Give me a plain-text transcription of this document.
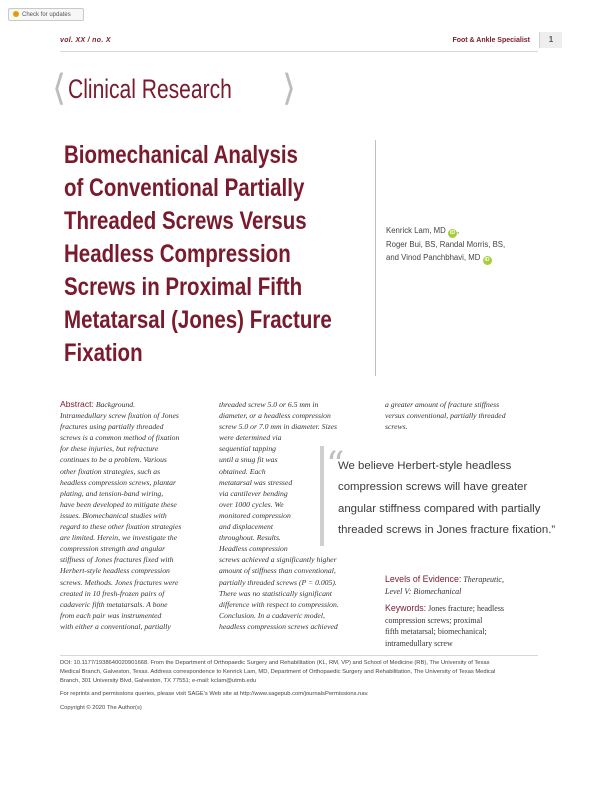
Check for updates
vol. XX / no. X	Foot & Ankle Specialist	1
⟨ Clinical Research ⟩
Biomechanical Analysis
of Conventional Partially
Threaded Screws Versus
Headless Compression
Screws in Proximal Fifth
Metatarsal (Jones) Fracture
Fixation
Kenrick Lam, MD iD ,
Roger Bui, BS, Randal Morris, BS,
and Vinod Panchbhavi, MD iD
Abstract: Background.
Intramedullary screw fixation of Jones
fractures using partially threaded
screws is a common method of fixation
for these injuries, but refracture
continues to be a problem. Various
other fixation strategies, such as
headless compression screws, plantar
plating, and tension-band wiring,
have been developed to mitigate these
issues. Biomechanical studies with
regard to these other fixation strategies
are limited. Herein, we investigate the
compression strength and angular
stiffness of Jones fractures fixed with
Herbert-style headless compression
screws. Methods. Jones fractures were
created in 10 fresh-frozen pairs of
cadaveric fifth metatarsals. A bone
from each pair was instrumented
with either a conventional, partially
threaded screw 5.0 or 6.5 mm in
diameter, or a headless compression
screw 5.0 or 7.0 mm in diameter. Sizes
were determined via
sequential tapping
until a snug fit was
obtained. Each
metatarsal was stressed
via cantilever bending
over 1000 cycles. We
monitored compression
and displacement
throughout. Results.
Headless compression
screws achieved a significantly higher
amount of stiffness than conventional,
partially threaded screws (P = 0.005).
There was no statistically significant
difference with respect to compression.
Conclusion. In a cadaveric model,
headless compression screws achieved
a greater amount of fracture stiffness
versus conventional, partially threaded
screws.
“
We believe Herbert-style headless
compression screws will have greater
angular stiffness compared with partially
threaded screws in Jones fracture fixation.”
Levels of Evidence: Therapeutic,
Level V: Biomechanical
Keywords: Jones fracture; headless
compression screws; proximal
fifth metatarsal; biomechanical;
intramedullary screw
DOI: 10.1177/1938640020901668. From the Department of Orthopaedic Surgery and Rehabilitation (KL, RM, VP) and School of Medicine (RB), The University of Texas
Medical Branch, Galveston, Texas. Address correspondence to Kenrick Lam, MD, Department of Orthopaedic Surgery and Rehabilitation, The University of Texas Medical
Branch, 301 University Blvd, Galveston, TX 77551; e-mail: kclam@utmb.edu
For reprints and permissions queries, please visit SAGE’s Web site at http://www.sagepub.com/journalsPermissions.nav.
Copyright © 2020 The Author(s)
